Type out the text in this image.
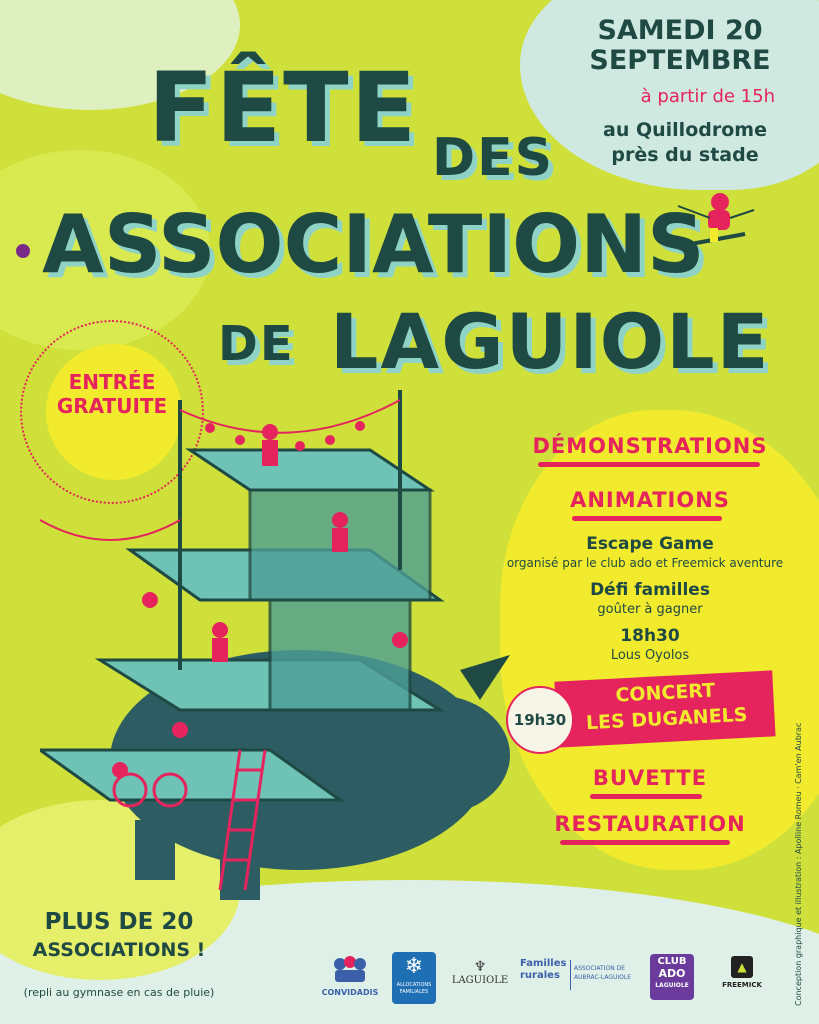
SAMEDI 20
SEPTEMBRE
à partir de 15h
au Quillodrome
près du stade
FÊTE DES
ASSOCIATIONS
DE LAGUIOLE
ENTRÉE
GRATUITE
DÉMONSTRATIONS
ANIMATIONS
Escape Game
organisé par le club ado et Freemick aventure
Défi familles
goûter à gagner
18h30
Lous Oyolos
CONCERT
LES DUGANELS
19h30
BUVETTE
RESTAURATION
PLUS DE 20
ASSOCIATIONS !
(repli au gymnase en cas de pluie)	Conception graphique et illustration : Apolline Romeu · Cam'en Aubrac
CONVIDADIS
❄
ALLOCATIONS FAMILIALES
♆
LAGUIOLE
Familles
rurales
ASSOCIATION DE
AUBRAC-LAGUIOLE
CLUB
ADO
LAGUIOLE
▲
FREEMICK
